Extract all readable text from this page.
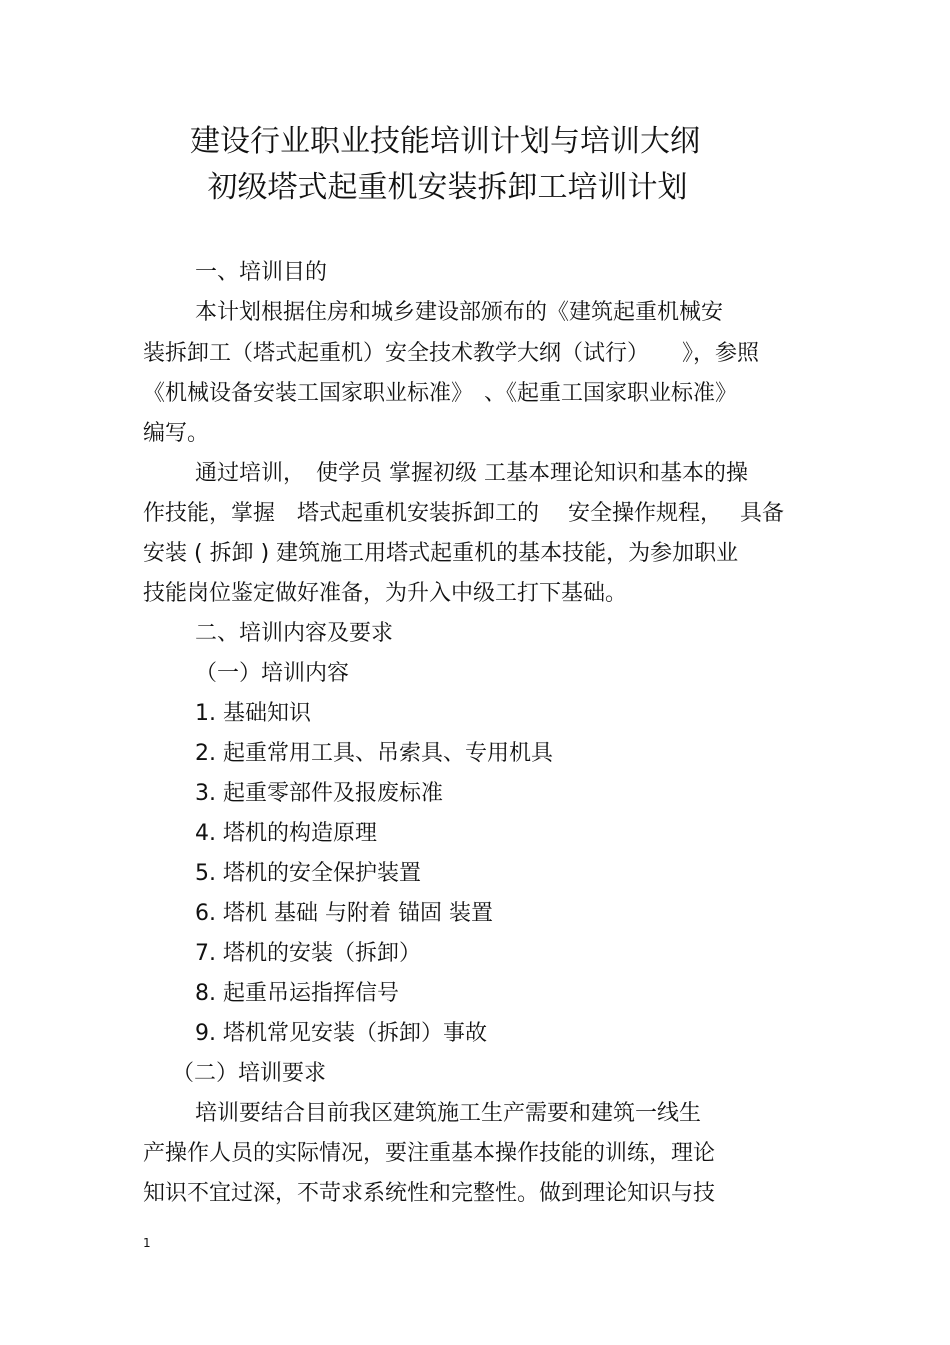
建设行业职业技能培训计划与培训大纲
初级塔式起重机安装拆卸工培训计划
一、培训目的
本计划根据住房和城乡建设部颁布的《建筑起重机械安
装拆卸工（塔式起重机）安全技术教学大纲（试行）　　》，参照
《机械设备安装工国家职业标准》　、《起重工国家职业标准》
编写。
通过培训，　使学员 掌握初级 工基本理论知识和基本的操
作技能，掌握　塔式起重机安装拆卸工的　 安全操作规程，　 具备
安装 ( 拆卸 ) 建筑施工用塔式起重机的基本技能，为参加职业
技能岗位鉴定做好准备，为升入中级工打下基础。
二、培训内容及要求
（一）培训内容
1. 基础知识
2. 起重常用工具、吊索具、专用机具
3. 起重零部件及报废标准
4. 塔机的构造原理
5. 塔机的安全保护装置
6. 塔机 基础 与附着 锚固 装置
7. 塔机的安装（拆卸）
8. 起重吊运指挥信号
9. 塔机常见安装（拆卸）事故
（二）培训要求
培训要结合目前我区建筑施工生产需要和建筑一线生
产操作人员的实际情况，要注重基本操作技能的训练，理论
知识不宜过深，不苛求系统性和完整性。做到理论知识与技
1
